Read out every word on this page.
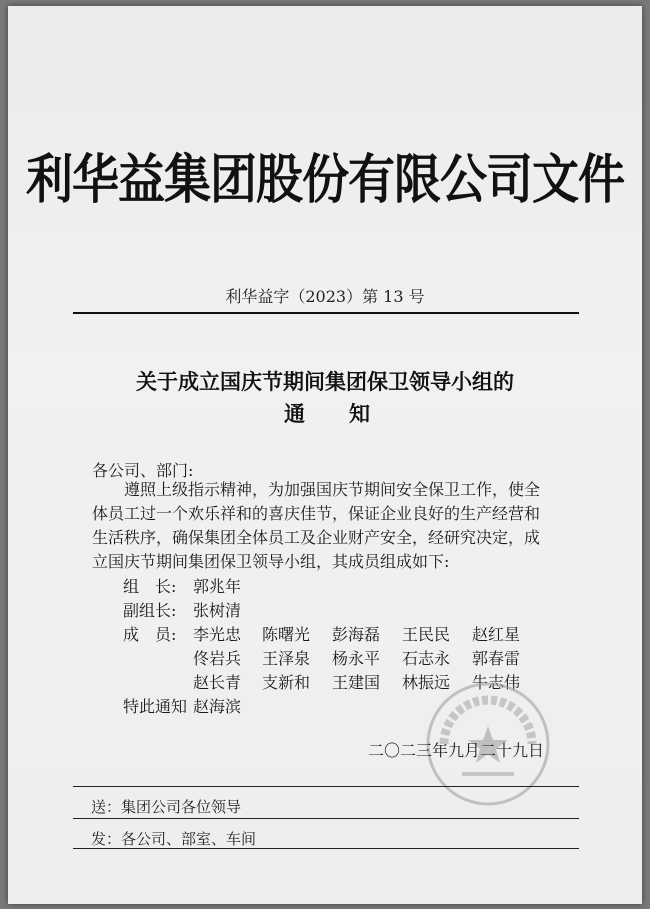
利华益集团股份有限公司文件
利华益字（2023）第 13 号
关于成立国庆节期间集团保卫领导小组的
通知
各公司、部门:
遵照上级指示精神，为加强国庆节期间安全保卫工作，使全
体员工过一个欢乐祥和的喜庆佳节，保证企业良好的生产经营和
生活秩序，确保集团全体员工及企业财产安全，经研究决定，成
立国庆节期间集团保卫领导小组，其成员组成如下:
组　长: 郭兆年
副组长: 张树清
成　员: 李光忠 陈曙光 彭海磊 王民民 赵红星
佟岩兵 王泽泉 杨永平 石志永 郭春雷
赵长青 支新和 王建国 林振远 牛志伟
赵海滨
特此通知
二〇二三年九月二十九日
送：集团公司各位领导
发：各公司、部室、车间
